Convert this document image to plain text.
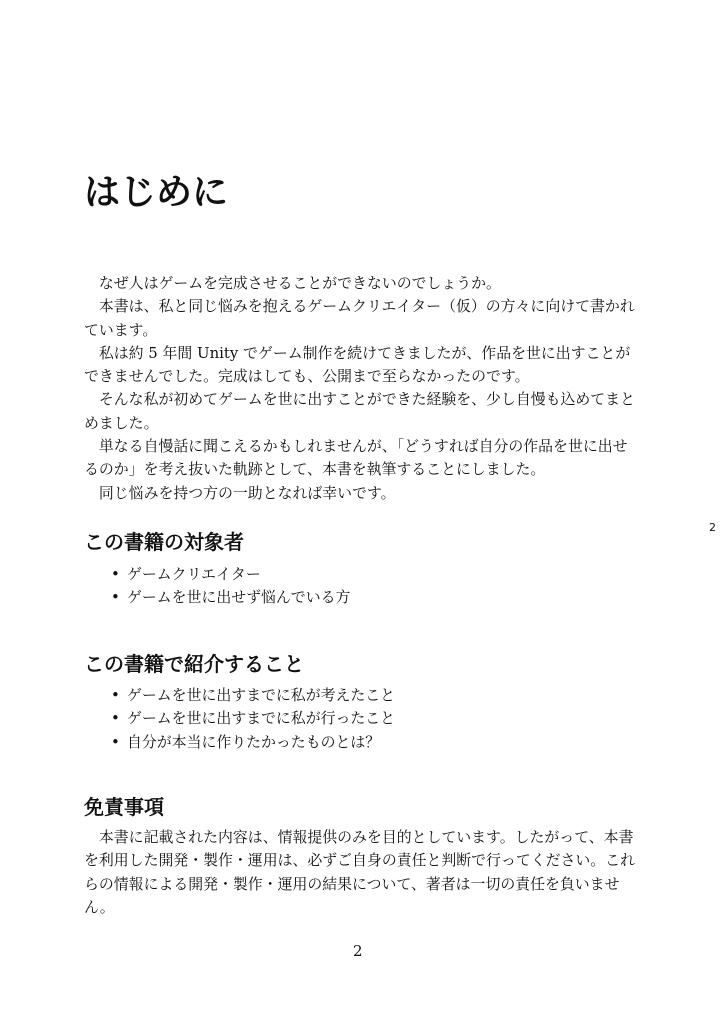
はじめに

なぜ人はゲームを完成させることができないのでしょうか。

本書は、私と同じ悩みを抱えるゲームクリエイター（仮）の方々に向けて書かれています。

私は約 5 年間 Unity でゲーム制作を続けてきましたが、作品を世に出すことができませんでした。完成はしても、公開まで至らなかったのです。

そんな私が初めてゲームを世に出すことができた経験を、少し自慢も込めてまとめました。

単なる自慢話に聞こえるかもしれませんが、「どうすれば自分の作品を世に出せるのか」を考え抜いた軌跡として、本書を執筆することにしました。

同じ悩みを持つ方の一助となれば幸いです。

この書籍の対象者
• ゲームクリエイター
• ゲームを世に出せず悩んでいる方
この書籍で紹介すること
• ゲームを世に出すまでに私が考えたこと
• ゲームを世に出すまでに私が行ったこと
• 自分が本当に作りたかったものとは？
免責事項

本書に記載された内容は、情報提供のみを目的としています。したがって、本書を利用した開発・製作・運用は、必ずご自身の責任と判断で行ってください。これらの情報による開発・製作・運用の結果について、著者は一切の責任を負いません。

2
2
